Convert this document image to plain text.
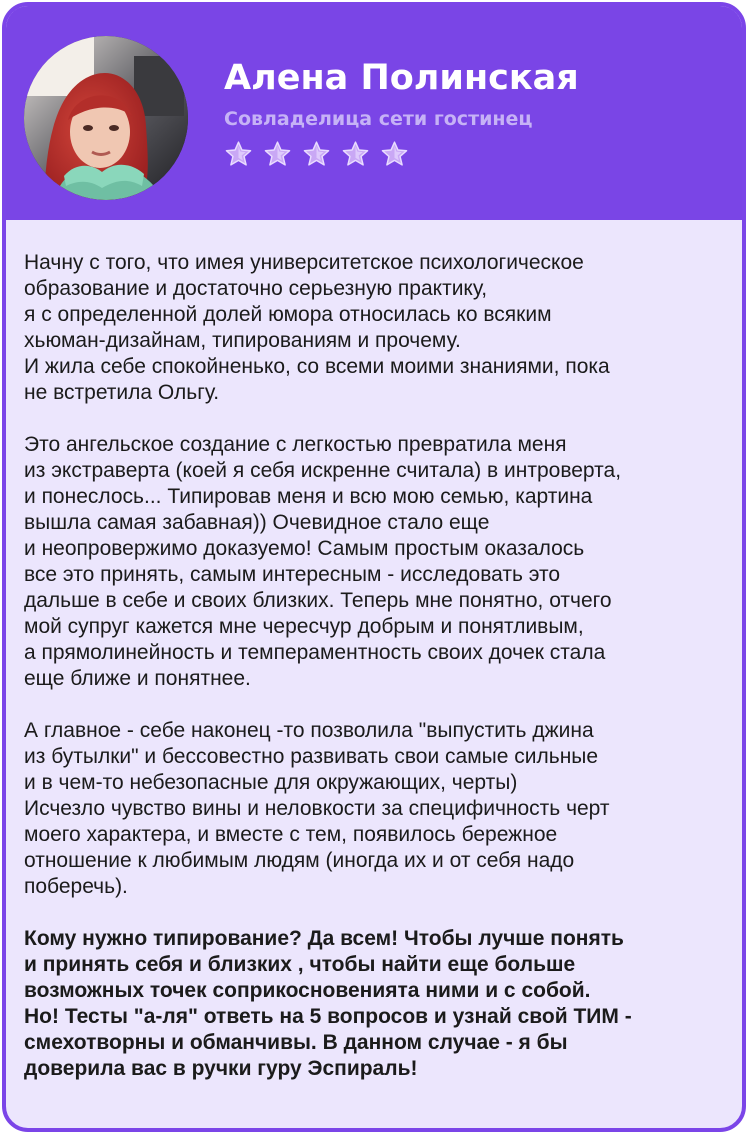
Алена Полинская
Совладелица сети гостинец

Начну с того, что имея университетское психологическое
образование и достаточно серьезную практику,
я с определенной долей юмора относилась ко всяким
хьюман-дизайнам, типированиям и прочему.
И жила себе спокойненько, со всеми моими знаниями, пока
не встретила Ольгу.

Это ангельское создание с легкостью превратила меня
из экстраверта (коей я себя искренне считала) в интроверта,
и понеслось... Типировав меня и всю мою семью, картина
вышла самая забавная)) Очевидное стало еще
и неопровержимо доказуемо! Самым простым оказалось
все это принять, самым интересным - исследовать это
дальше в себе и своих близких. Теперь мне понятно, отчего
мой супруг кажется мне чересчур добрым и понятливым,
а прямолинейность и темпераментность своих дочек стала
еще ближе и понятнее.

А главное - себе наконец -то позволила "выпустить джина
из бутылки" и бессовестно развивать свои самые сильные
и в чем-то небезопасные для окружающих, черты)
Исчезло чувство вины и неловкости за специфичность черт
моего характера, и вместе с тем, появилось бережное
отношение к любимым людям (иногда их и от себя надо
поберечь).

Кому нужно типирование? Да всем! Чтобы лучше понять
и принять себя и близких , чтобы найти еще больше
возможных точек соприкосновенията ними и с собой.
Но! Тесты "а-ля" ответь на 5 вопросов и узнай свой ТИМ -
смехотворны и обманчивы. В данном случае - я бы
доверила вас в ручки гуру Эспираль!
